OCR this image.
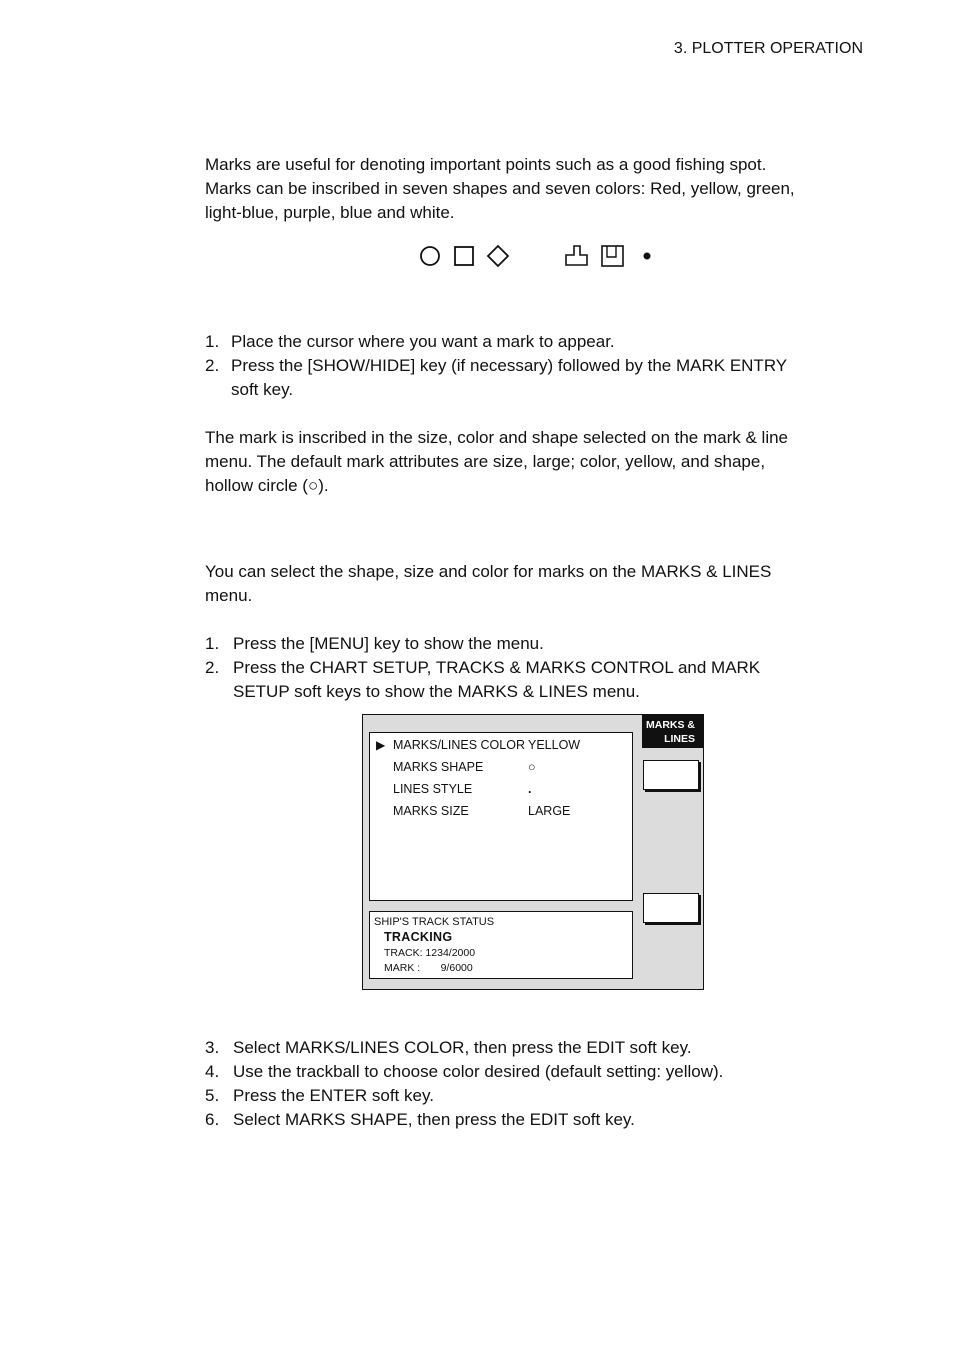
3. PLOTTER OPERATION

Marks are useful for denoting important points such as a good fishing spot.

Marks can be inscribed in seven shapes and seven colors: Red, yellow, green,

light-blue, purple, blue and white.

1. Place the cursor where you want a mark to appear.
2. Press the [SHOW/HIDE] key (if necessary) followed by the MARK ENTRY
soft key.

The mark is inscribed in the size, color and shape selected on the mark & line

menu. The default mark attributes are size, large; color, yellow, and shape,

hollow circle (○).

You can select the shape, size and color for marks on the MARKS & LINES

menu.

1. Press the [MENU] key to show the menu.
2. Press the CHART SETUP, TRACKS & MARKS CONTROL and MARK
SETUP soft keys to show the MARKS & LINES menu.
MARKS &
LINES
▶ MARKS/LINES COLOR YELLOW
MARKS SHAPE	○
LINES STYLE	.
MARKS SIZE	LARGE
SHIP'S TRACK STATUS
TRACKING
TRACK: 1234/2000
MARK :       9/6000
3. Select MARKS/LINES COLOR, then press the EDIT soft key.
4. Use the trackball to choose color desired (default setting: yellow).
5. Press the ENTER soft key.
6. Select MARKS SHAPE, then press the EDIT soft key.
